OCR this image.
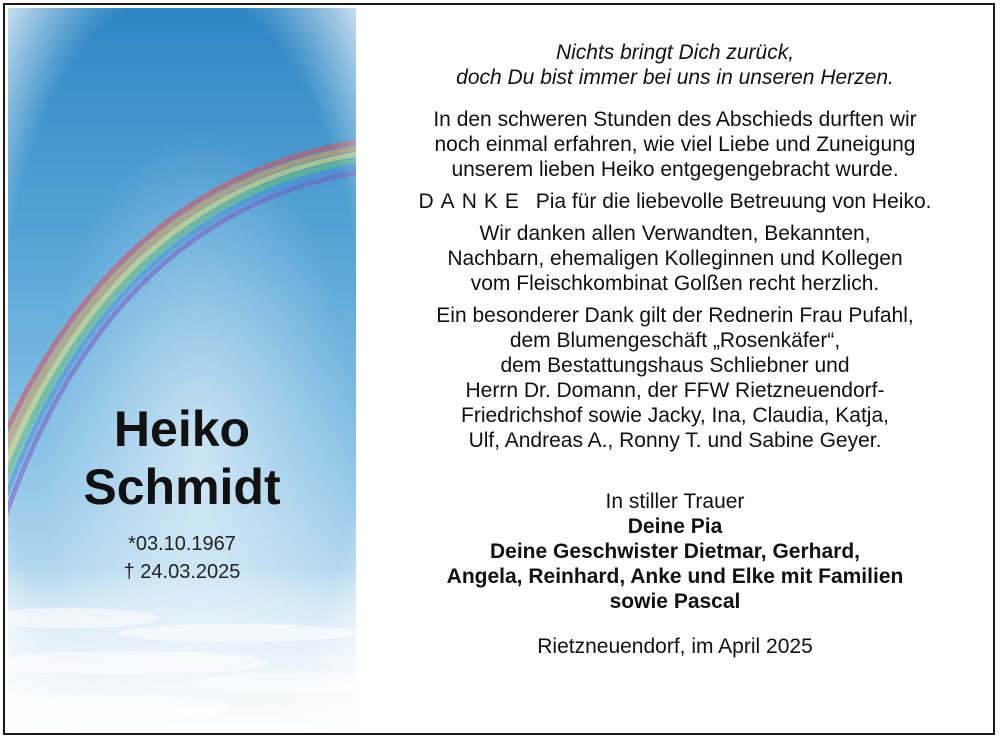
Heiko
Schmidt
*03.10.1967
† 24.03.2025

Nichts bringt Dich zurück,

doch Du bist immer bei uns in unseren Herzen.

In den schweren Stunden des Abschieds durften wir

noch einmal erfahren, wie viel Liebe und Zuneigung

unserem lieben Heiko entgegengebracht wurde.

DANKE Pia für die liebevolle Betreuung von Heiko.

Wir danken allen Verwandten, Bekannten,

Nachbarn, ehemaligen Kolleginnen und Kollegen

vom Fleischkombinat Golßen recht herzlich.

Ein besonderer Dank gilt der Rednerin Frau Pufahl,

dem Blumengeschäft „Rosenkäfer“,

dem Bestattungshaus Schliebner und

Herrn Dr. Domann, der FFW Rietzneuendorf-

Friedrichshof sowie Jacky, Ina, Claudia, Katja,

Ulf, Andreas A., Ronny T. und Sabine Geyer.

In stiller Trauer

Deine Pia

Deine Geschwister Dietmar, Gerhard,

Angela, Reinhard, Anke und Elke mit Familien

sowie Pascal

Rietzneuendorf, im April 2025
